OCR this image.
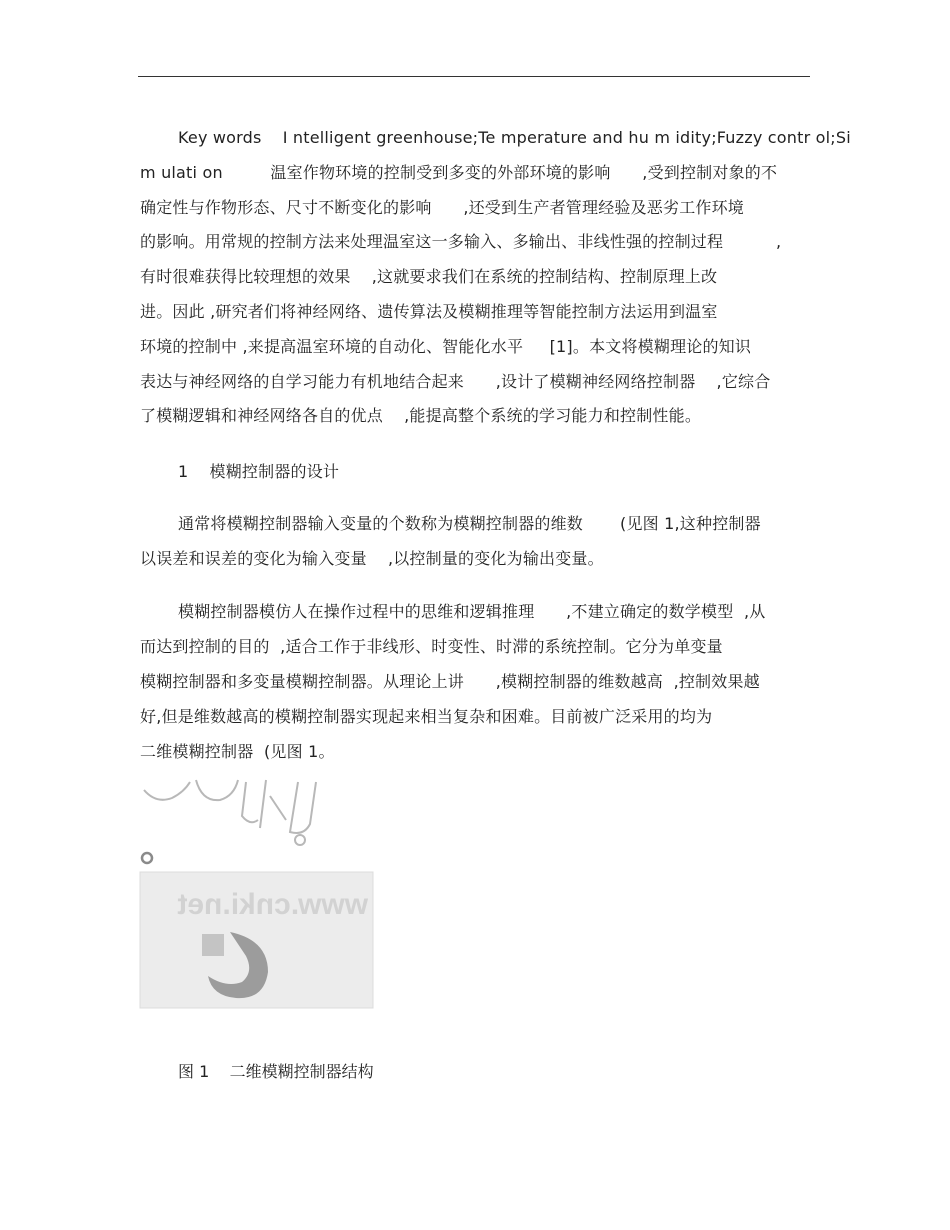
Key words    I ntelligent greenhouse;Te mperature and hu m idity;Fuzzy contr ol;Si
m ulati on         温室作物环境的控制受到多变的外部环境的影响      ,受到控制对象的不
确定性与作物形态、尺寸不断变化的影响      ,还受到生产者管理经验及恶劣工作环境
的影响。用常规的控制方法来处理温室这一多输入、多输出、非线性强的控制过程          ,
有时很难获得比较理想的效果    ,这就要求我们在系统的控制结构、控制原理上改
进。因此 ,研究者们将神经网络、遗传算法及模糊推理等智能控制方法运用到温室
环境的控制中 ,来提高温室环境的自动化、智能化水平     [1]。本文将模糊理论的知识
表达与神经网络的自学习能力有机地结合起来      ,设计了模糊神经网络控制器    ,它综合
了模糊逻辑和神经网络各自的优点    ,能提高整个系统的学习能力和控制性能。
1    模糊控制器的设计
通常将模糊控制器输入变量的个数称为模糊控制器的维数       (见图 1,这种控制器
以误差和误差的变化为输入变量    ,以控制量的变化为输出变量。
模糊控制器模仿人在操作过程中的思维和逻辑推理      ,不建立确定的数学模型  ,从
而达到控制的目的  ,适合工作于非线形、时变性、时滞的系统控制。它分为单变量
模糊控制器和多变量模糊控制器。从理论上讲      ,模糊控制器的维数越高  ,控制效果越
好,但是维数越高的模糊控制器实现起来相当复杂和困难。目前被广泛采用的均为
二维模糊控制器  (见图 1。
www.cnki.net
图 1    二维模糊控制器结构
